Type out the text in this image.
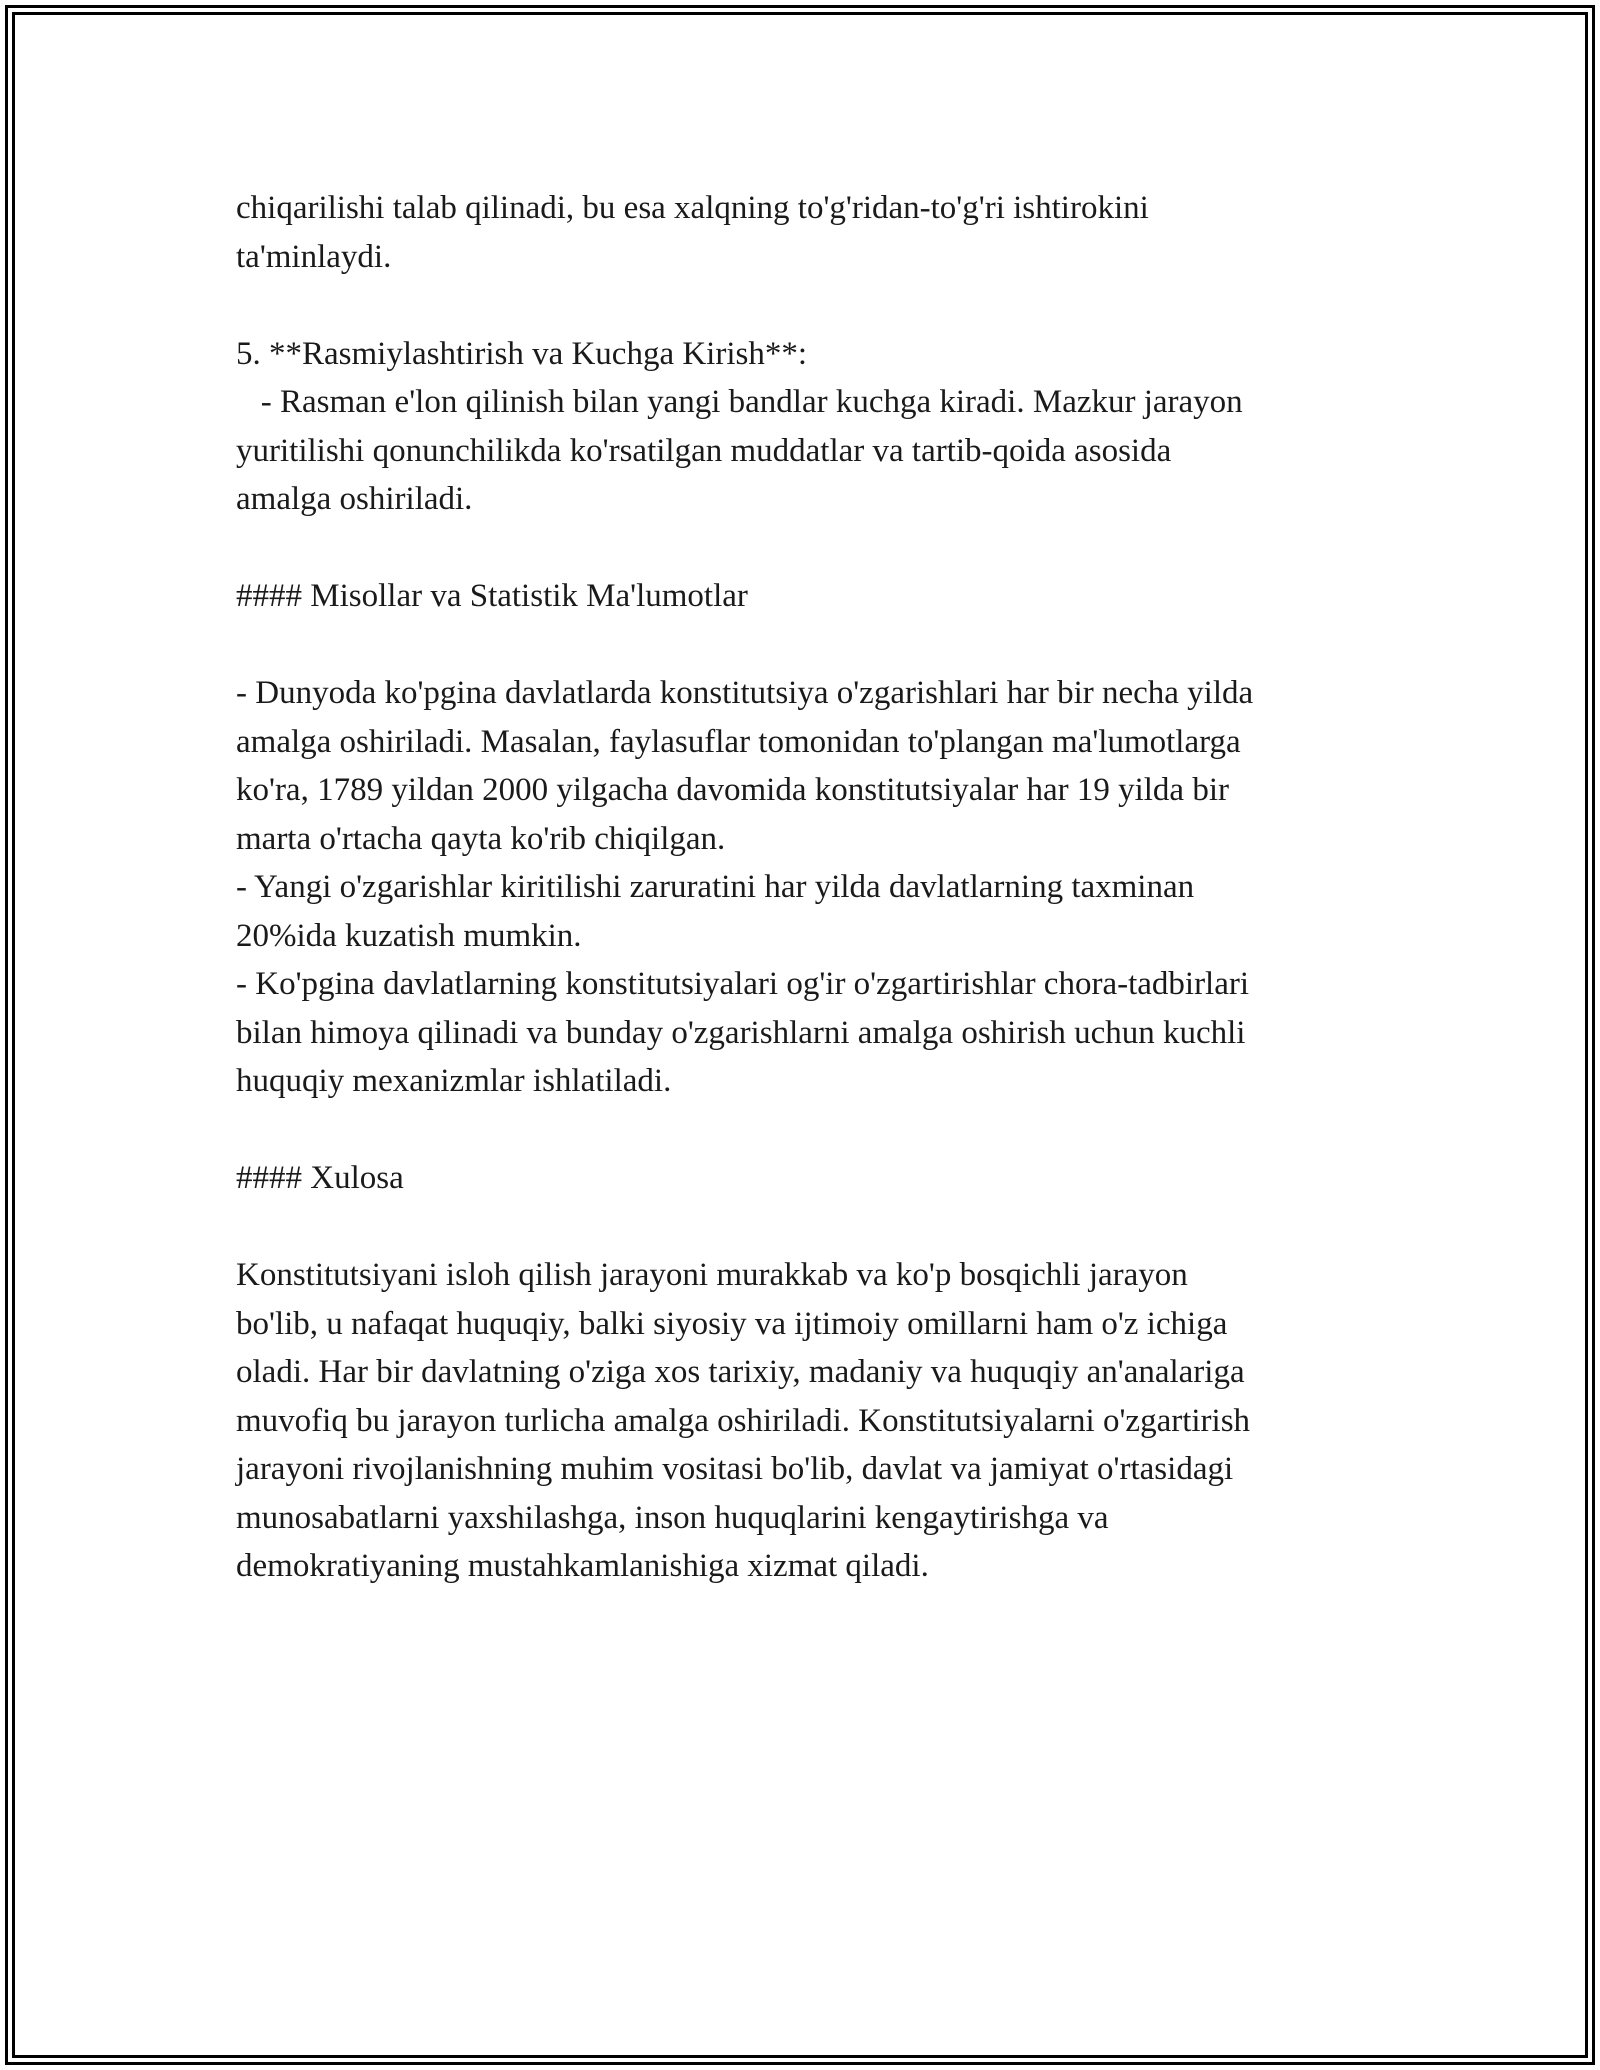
chiqarilishi talab qilinadi, bu esa xalqning to'g'ridan-to'g'ri ishtirokini
ta'minlaydi.

5. **Rasmiylashtirish va Kuchga Kirish**:
- Rasman e'lon qilinish bilan yangi bandlar kuchga kiradi. Mazkur jarayon
yuritilishi qonunchilikda ko'rsatilgan muddatlar va tartib-qoida asosida
amalga oshiriladi.

#### Misollar va Statistik Ma'lumotlar

- Dunyoda ko'pgina davlatlarda konstitutsiya o'zgarishlari har bir necha yilda
amalga oshiriladi. Masalan, faylasuflar tomonidan to'plangan ma'lumotlarga
ko'ra, 1789 yildan 2000 yilgacha davomida konstitutsiyalar har 19 yilda bir
marta o'rtacha qayta ko'rib chiqilgan.
- Yangi o'zgarishlar kiritilishi zaruratini har yilda davlatlarning taxminan
20%ida kuzatish mumkin.
- Ko'pgina davlatlarning konstitutsiyalari og'ir o'zgartirishlar chora-tadbirlari
bilan himoya qilinadi va bunday o'zgarishlarni amalga oshirish uchun kuchli
huquqiy mexanizmlar ishlatiladi.

#### Xulosa

Konstitutsiyani isloh qilish jarayoni murakkab va ko'p bosqichli jarayon
bo'lib, u nafaqat huquqiy, balki siyosiy va ijtimoiy omillarni ham o'z ichiga
oladi. Har bir davlatning o'ziga xos tarixiy, madaniy va huquqiy an'analariga
muvofiq bu jarayon turlicha amalga oshiriladi. Konstitutsiyalarni o'zgartirish
jarayoni rivojlanishning muhim vositasi bo'lib, davlat va jamiyat o'rtasidagi
munosabatlarni yaxshilashga, inson huquqlarini kengaytirishga va
demokratiyaning mustahkamlanishiga xizmat qiladi.
